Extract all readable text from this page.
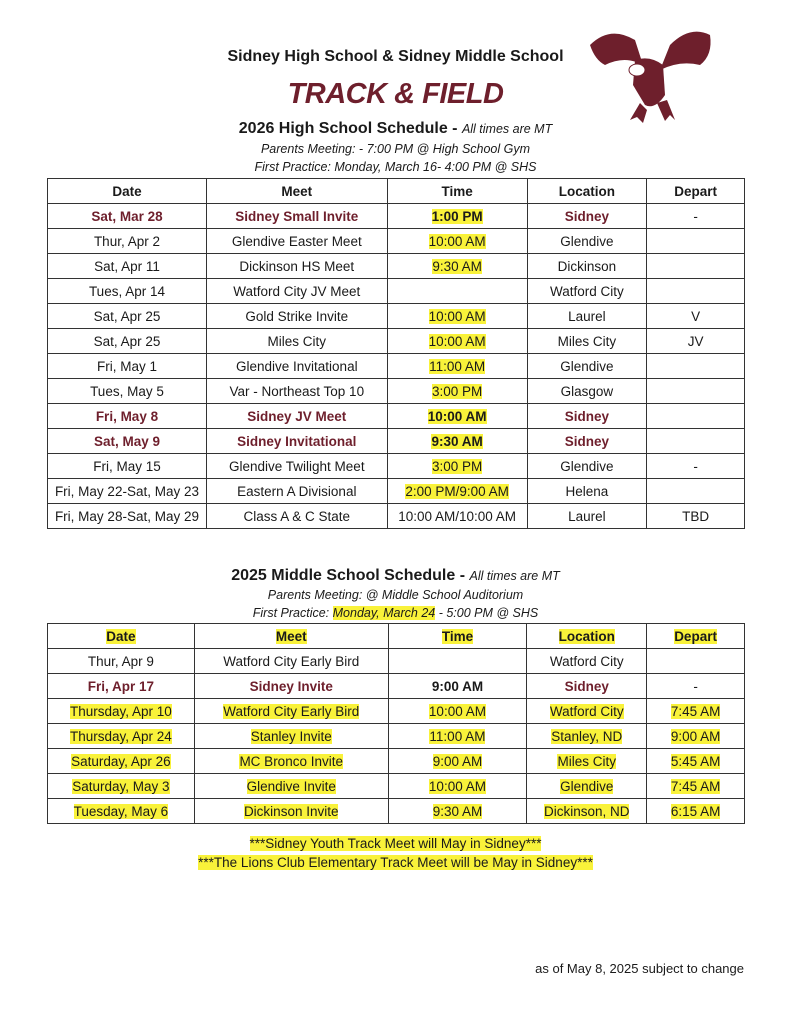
Sidney High School & Sidney Middle School
TRACK & FIELD
2026 High School Schedule - All times are MT
Parents Meeting: - 7:00 PM @ High School Gym
First Practice: Monday, March 16- 4:00 PM @ SHS
Date	Meet	Time	Location	Depart
Sat, Mar 28	Sidney Small Invite	1:00 PM	Sidney	-
Thur, Apr 2	Glendive Easter Meet	10:00 AM	Glendive	
Sat, Apr 11	Dickinson HS Meet	9:30 AM	Dickinson	
Tues, Apr 14	Watford City JV Meet		Watford City	
Sat, Apr 25	Gold Strike Invite	10:00 AM	Laurel	V
Sat, Apr 25	Miles City	10:00 AM	Miles City	JV
Fri, May 1	Glendive Invitational	11:00 AM	Glendive	
Tues, May 5	Var - Northeast Top 10	3:00 PM	Glasgow	
Fri, May 8	Sidney JV Meet	10:00 AM	Sidney	
Sat, May 9	Sidney Invitational	9:30 AM	Sidney	
Fri, May 15	Glendive Twilight Meet	3:00 PM	Glendive	-
Fri, May 22-Sat, May 23	Eastern A Divisional	2:00 PM/9:00 AM	Helena	
Fri, May 28-Sat, May 29	Class A & C State	10:00 AM/10:00 AM	Laurel	TBD
2025 Middle School Schedule - All times are MT
Parents Meeting: @ Middle School Auditorium
First Practice: Monday, March 24 - 5:00 PM @ SHS
Date	Meet	Time	Location	Depart
Thur, Apr 9	Watford City Early Bird		Watford City	
Fri, Apr 17	Sidney Invite	9:00 AM	Sidney	-
Thursday, Apr 10	Watford City Early Bird	10:00 AM	Watford City	7:45 AM
Thursday, Apr 24	Stanley Invite	11:00 AM	Stanley, ND	9:00 AM
Saturday, Apr 26	MC Bronco Invite	9:00 AM	Miles City	5:45 AM
Saturday, May 3	Glendive Invite	10:00 AM	Glendive	7:45 AM
Tuesday, May 6	Dickinson Invite	9:30 AM	Dickinson, ND	6:15 AM
***Sidney Youth Track Meet will May in Sidney***
***The Lions Club Elementary Track Meet will be May in Sidney***
as of May 8, 2025 subject to change
